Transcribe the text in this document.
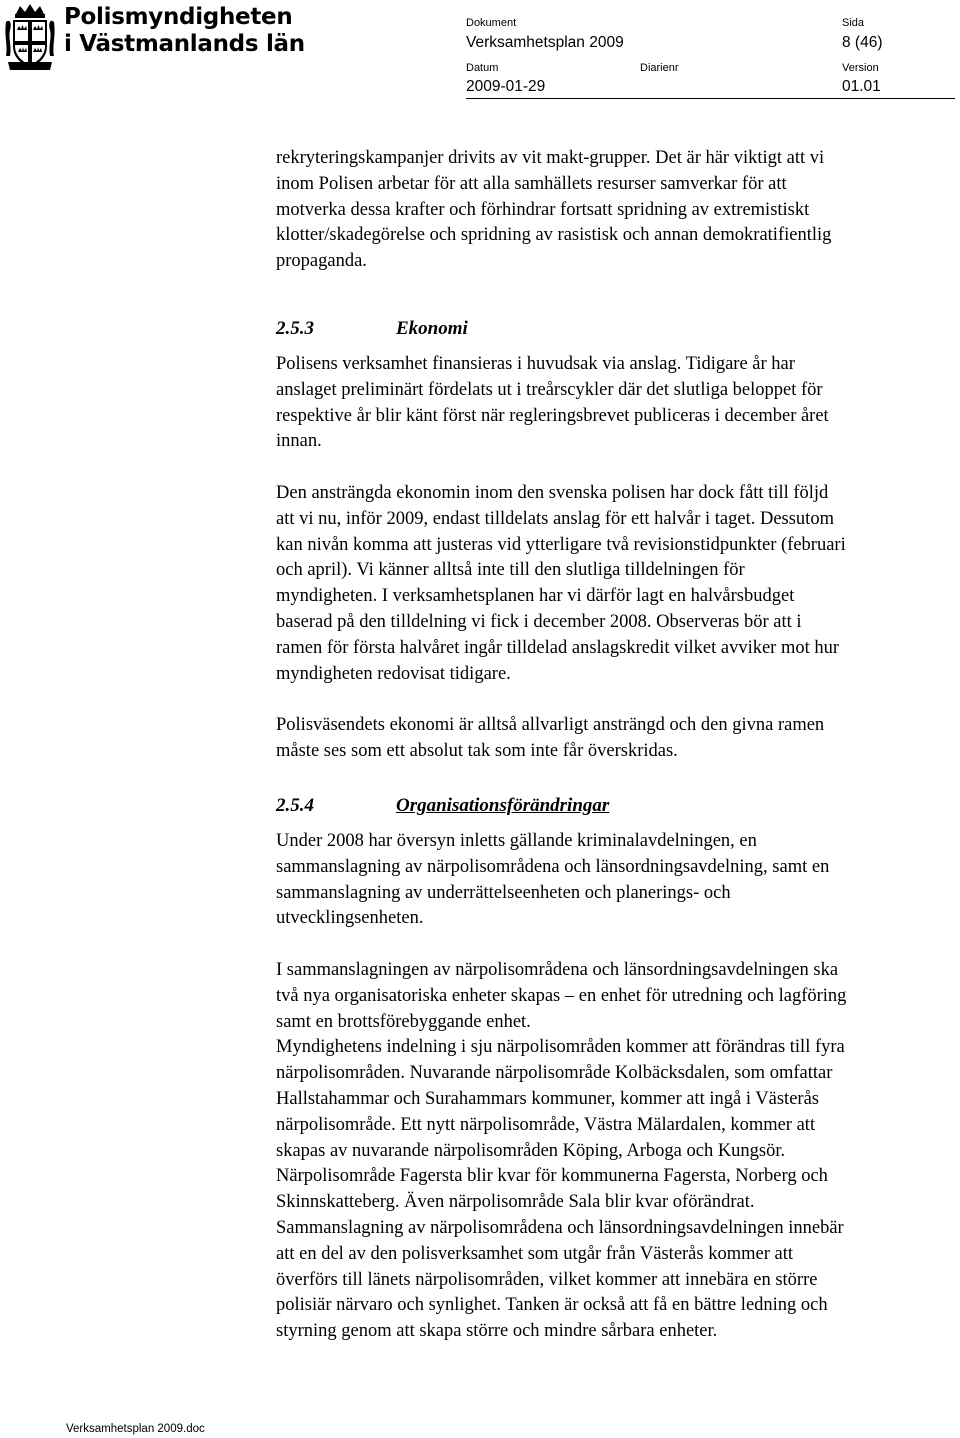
Polismyndigheten
i Västmanlands län
Dokument
Verksamhetsplan 2009
Sida
8 (46)
Datum
2009-01-29
Diarienr	Version
01.01

rekryteringskampanjer drivits av vit makt-grupper. Det är här viktigt att vi
inom Polisen arbetar för att alla samhällets resurser samverkar för att
motverka dessa krafter och förhindrar fortsatt spridning av extremistiskt
klotter/skadegörelse och spridning av rasistisk och annan demokratifientlig
propaganda.

2.5.3	Ekonomi

Polisens verksamhet finansieras i huvudsak via anslag. Tidigare år har
anslaget preliminärt fördelats ut i treårscykler där det slutliga beloppet för
respektive år blir känt först när regleringsbrevet publiceras i december året
innan.

Den ansträngda ekonomin inom den svenska polisen har dock fått till följd
att vi nu, inför 2009, endast tilldelats anslag för ett halvår i taget. Dessutom
kan nivån komma att justeras vid ytterligare två revisionstidpunkter (februari
och april). Vi känner alltså inte till den slutliga tilldelningen för
myndigheten. I verksamhetsplanen har vi därför lagt en halvårsbudget
baserad på den tilldelning vi fick i december 2008. Observeras bör att i
ramen för första halvåret ingår tilldelad anslagskredit vilket avviker mot hur
myndigheten redovisat tidigare.

Polisväsendets ekonomi är alltså allvarligt ansträngd och den givna ramen
måste ses som ett absolut tak som inte får överskridas.

2.5.4	Organisationsförändringar

Under 2008 har översyn inletts gällande kriminalavdelningen, en
sammanslagning av närpolisområdena och länsordningsavdelning, samt en
sammanslagning av underrättelseenheten och planerings- och
utvecklingsenheten.

I sammanslagningen av närpolisområdena och länsordningsavdelningen ska
två nya organisatoriska enheter skapas – en enhet för utredning och lagföring
samt en brottsförebyggande enhet.

Myndighetens indelning i sju närpolisområden kommer att förändras till fyra
närpolisområden. Nuvarande närpolisområde Kolbäcksdalen, som omfattar
Hallstahammar och Surahammars kommuner, kommer att ingå i Västerås
närpolisområde. Ett nytt närpolisområde, Västra Mälardalen, kommer att
skapas av nuvarande närpolisområden Köping, Arboga och Kungsör.
Närpolisområde Fagersta blir kvar för kommunerna Fagersta, Norberg och
Skinnskatteberg. Även närpolisområde Sala blir kvar oförändrat.
Sammanslagning av närpolisområdena och länsordningsavdelningen innebär
att en del av den polisverksamhet som utgår från Västerås kommer att
överförs till länets närpolisområden, vilket kommer att innebära en större
polisiär närvaro och synlighet. Tanken är också att få en bättre ledning och
styrning genom att skapa större och mindre sårbara enheter.

Verksamhetsplan 2009.doc
